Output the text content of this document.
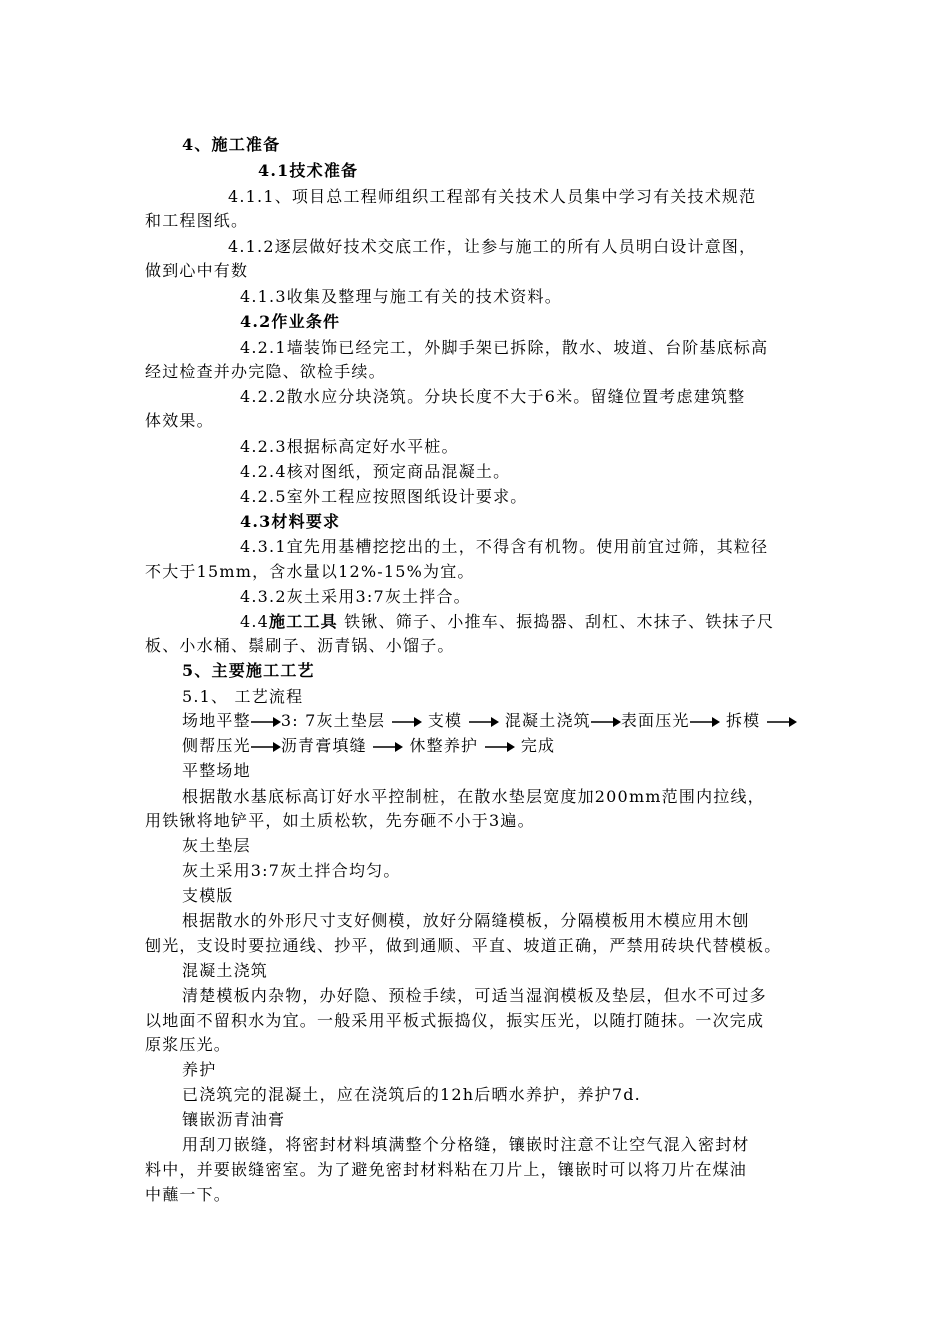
4、施工准备
4.1技术准备
4.1.1、项目总工程师组织工程部有关技术人员集中学习有关技术规范
和工程图纸。
4.1.2逐层做好技术交底工作，让参与施工的所有人员明白设计意图，
做到心中有数
4.1.3收集及整理与施工有关的技术资料。
4.2作业条件
4.2.1墙装饰已经完工，外脚手架已拆除，散水、坡道、台阶基底标高
经过检查并办完隐、欲检手续。
4.2.2散水应分块浇筑。分块长度不大于6米。留缝位置考虑建筑整
体效果。
4.2.3根据标高定好水平桩。
4.2.4核对图纸，预定商品混凝土。
4.2.5室外工程应按照图纸设计要求。
4.3材料要求
4.3.1宜先用基槽挖挖出的土，不得含有机物。使用前宜过筛，其粒径
不大于15mm，含水量以12%-15%为宜。
4.3.2灰土采用3:7灰土拌合。
4.4施工工具 铁锹、筛子、小推车、振捣器、刮杠、木抹子、铁抹子尺
板、小水桶、鬃刷子、沥青锅、小馏子。
5、主要施工工艺
5.1、 工艺流程
场地平整 3: 7灰土垫层	支模	混凝土浇筑 表面压光 拆模
侧帮压光 沥青膏填缝	休整养护	完成
平整场地
根据散水基底标高订好水平控制桩，在散水垫层宽度加200mm范围内拉线，
用铁锹将地铲平，如土质松软，先夯砸不小于3遍。
灰土垫层
灰土采用3:7灰土拌合均匀。
支模版
根据散水的外形尺寸支好侧模，放好分隔缝模板，分隔模板用木模应用木刨
刨光，支设时要拉通线、抄平，做到通顺、平直、坡道正确，严禁用砖块代替模板。
混凝土浇筑
清楚模板内杂物，办好隐、预检手续，可适当湿润模板及垫层，但水不可过多
以地面不留积水为宜。一般采用平板式振捣仪，振实压光，以随打随抹。一次完成
原浆压光。
养护
已浇筑完的混凝土，应在浇筑后的12h后晒水养护，养护7d.
镶嵌沥青油膏
用刮刀嵌缝，将密封材料填满整个分格缝，镶嵌时注意不让空气混入密封材
料中，并要嵌缝密室。为了避免密封材料粘在刀片上，镶嵌时可以将刀片在煤油
中蘸一下。
